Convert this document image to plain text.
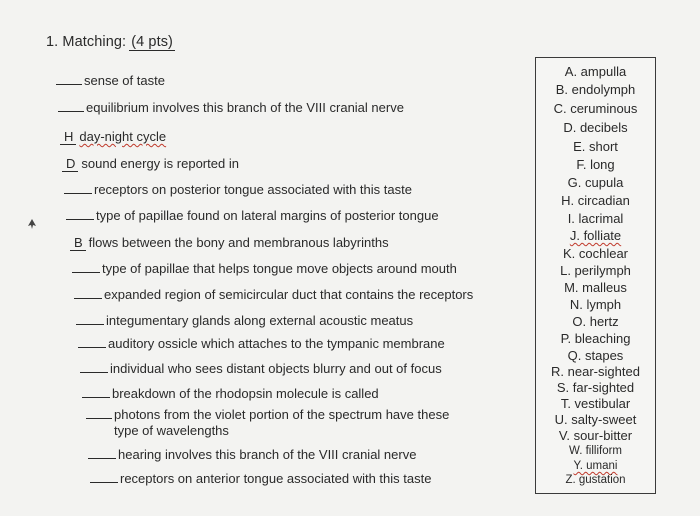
1. Matching: (4 pts)
sense of taste
equilibrium involves this branch of the VIII cranial nerve
H day-night cycle
D sound energy is reported in
receptors on posterior tongue associated with this taste
type of papillae found on lateral margins of posterior tongue
B flows between the bony and membranous labyrinths
type of papillae that helps tongue move objects around mouth
expanded region of semicircular duct that contains the receptors
integumentary glands along external acoustic meatus
auditory ossicle which attaches to the tympanic membrane
individual who sees distant objects blurry and out of focus
breakdown of the rhodopsin molecule is called
photons from the violet portion of the spectrum have these
type of wavelengths
hearing involves this branch of the VIII cranial nerve
receptors on anterior tongue associated with this taste
A. ampulla
B. endolymph
C. ceruminous
D. decibels
E. short
F. long
G. cupula
H. circadian
I. lacrimal
J. folliate
K. cochlear
L. perilymph
M. malleus
N. lymph
O. hertz
P. bleaching
Q. stapes
R. near-sighted
S. far-sighted
T. vestibular
U. salty-sweet
V. sour-bitter
W. filliform
Y. umani
Z. gustation
